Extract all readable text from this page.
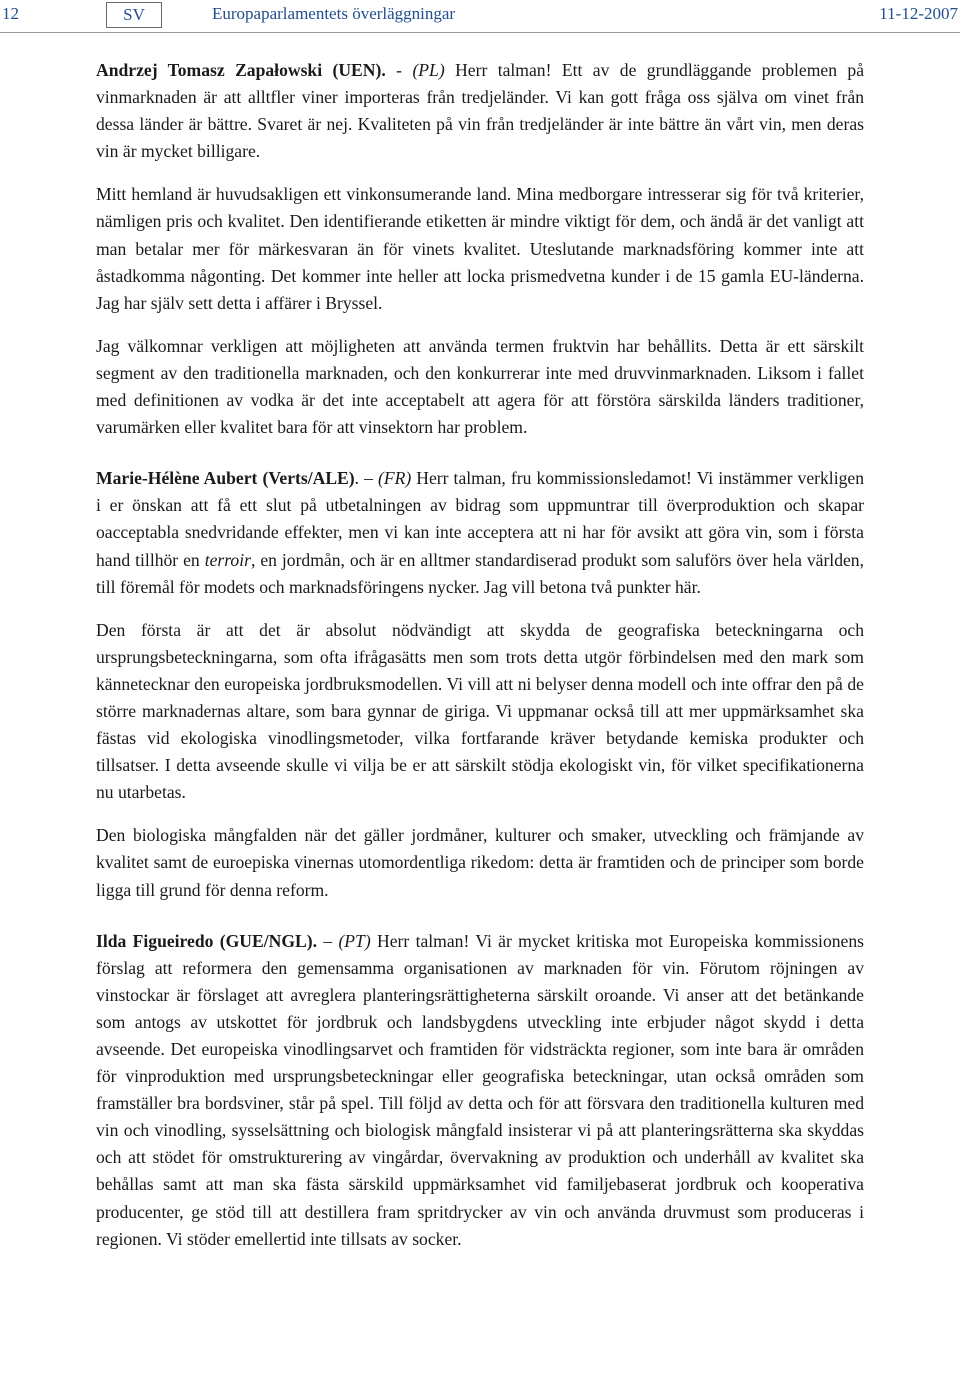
12	SV	Europaparlamentets överläggningar	11-12-2007

Andrzej Tomasz Zapałowski (UEN). - (PL) Herr talman! Ett av de grundläggande problemen på vinmarknaden är att alltfler viner importeras från tredjeländer. Vi kan gott fråga oss själva om vinet från dessa länder är bättre. Svaret är nej. Kvaliteten på vin från tredjeländer är inte bättre än vårt vin, men deras vin är mycket billigare.

Mitt hemland är huvudsakligen ett vinkonsumerande land. Mina medborgare intresserar sig för två kriterier, nämligen pris och kvalitet. Den identifierande etiketten är mindre viktigt för dem, och ändå är det vanligt att man betalar mer för märkesvaran än för vinets kvalitet. Uteslutande marknadsföring kommer inte att åstadkomma någonting. Det kommer inte heller att locka prismedvetna kunder i de 15 gamla EU-länderna. Jag har själv sett detta i affärer i Bryssel.

Jag välkomnar verkligen att möjligheten att använda termen fruktvin har behållits. Detta är ett särskilt segment av den traditionella marknaden, och den konkurrerar inte med druvvinmarknaden. Liksom i fallet med definitionen av vodka är det inte acceptabelt att agera för att förstöra särskilda länders traditioner, varumärken eller kvalitet bara för att vinsektorn har problem.

Marie-Hélène Aubert (Verts/ALE). – (FR) Herr talman, fru kommissionsledamot! Vi instämmer verkligen i er önskan att få ett slut på utbetalningen av bidrag som uppmuntrar till överproduktion och skapar oacceptabla snedvridande effekter, men vi kan inte acceptera att ni har för avsikt att göra vin, som i första hand tillhör en terroir, en jordmån, och är en alltmer standardiserad produkt som saluförs över hela världen, till föremål för modets och marknadsföringens nycker. Jag vill betona två punkter här.

Den första är att det är absolut nödvändigt att skydda de geografiska beteckningarna och ursprungsbeteckningarna, som ofta ifrågasätts men som trots detta utgör förbindelsen med den mark som kännetecknar den europeiska jordbruksmodellen. Vi vill att ni belyser denna modell och inte offrar den på de större marknadernas altare, som bara gynnar de giriga. Vi uppmanar också till att mer uppmärksamhet ska fästas vid ekologiska vinodlingsmetoder, vilka fortfarande kräver betydande kemiska produkter och tillsatser. I detta avseende skulle vi vilja be er att särskilt stödja ekologiskt vin, för vilket specifikationerna nu utarbetas.

Den biologiska mångfalden när det gäller jordmåner, kulturer och smaker, utveckling och främjande av kvalitet samt de euroepiska vinernas utomordentliga rikedom: detta är framtiden och de principer som borde ligga till grund för denna reform.

Ilda Figueiredo (GUE/NGL). – (PT) Herr talman! Vi är mycket kritiska mot Europeiska kommissionens förslag att reformera den gemensamma organisationen av marknaden för vin. Förutom röjningen av vinstockar är förslaget att avreglera planteringsrättigheterna särskilt oroande. Vi anser att det betänkande som antogs av utskottet för jordbruk och landsbygdens utveckling inte erbjuder något skydd i detta avseende. Det europeiska vinodlingsarvet och framtiden för vidsträckta regioner, som inte bara är områden för vinproduktion med ursprungsbeteckningar eller geografiska beteckningar, utan också områden som framställer bra bordsviner, står på spel. Till följd av detta och för att försvara den traditionella kulturen med vin och vinodling, sysselsättning och biologisk mångfald insisterar vi på att planteringsrätterna ska skyddas och att stödet för omstrukturering av vingårdar, övervakning av produktion och underhåll av kvalitet ska behållas samt att man ska fästa särskild uppmärksamhet vid familjebaserat jordbruk och kooperativa producenter, ge stöd till att destillera fram spritdrycker av vin och använda druvmust som produceras i regionen. Vi stöder emellertid inte tillsats av socker.
